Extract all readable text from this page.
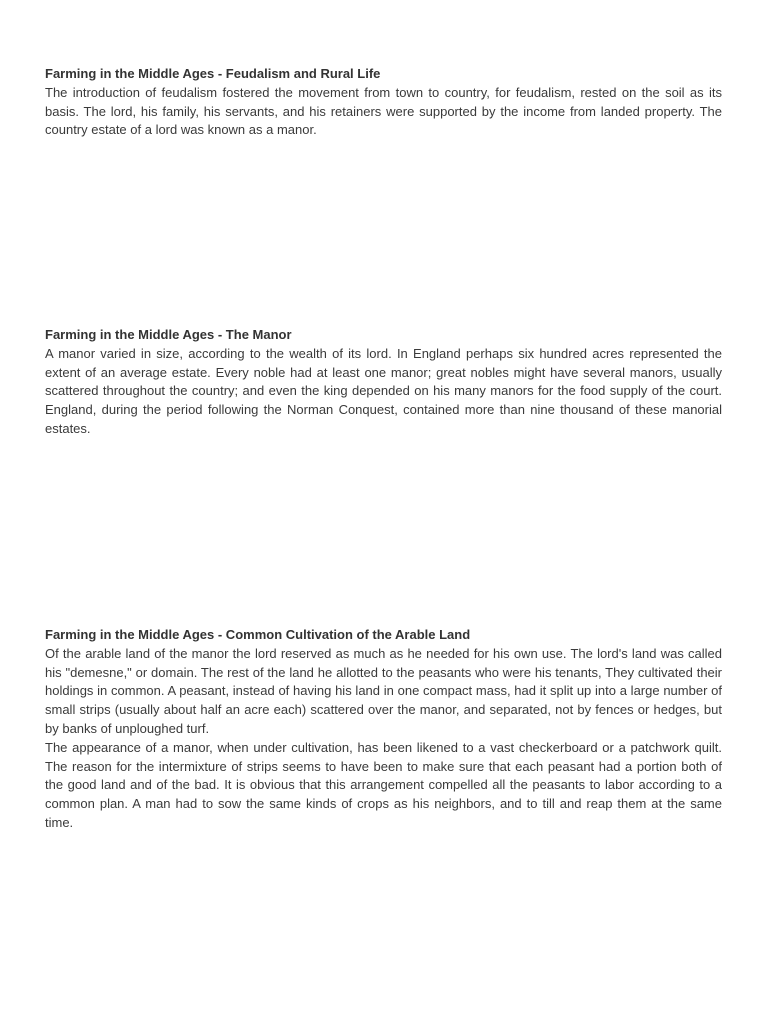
Farming in the Middle Ages - Feudalism and Rural Life

The introduction of feudalism fostered the movement from town to country, for feudalism, rested on the soil as its basis. The lord, his family, his servants, and his retainers were supported by the income from landed property. The country estate of a lord was known as a manor.

Farming in the Middle Ages - The Manor

A manor varied in size, according to the wealth of its lord. In England perhaps six hundred acres represented the extent of an average estate. Every noble had at least one manor; great nobles might have several manors, usually scattered throughout the country; and even the king depended on his many manors for the food supply of the court. England, during the period following the Norman Conquest, contained more than nine thousand of these manorial estates.

Farming in the Middle Ages - Common Cultivation of the Arable Land

Of the arable land of the manor the lord reserved as much as he needed for his own use. The lord's land was called his "demesne," or domain. The rest of the land he allotted to the peasants who were his tenants, They cultivated their holdings in common. A peasant, instead of having his land in one compact mass, had it split up into a large number of small strips (usually about half an acre each) scattered over the manor, and separated, not by fences or hedges, but by banks of unploughed turf.

The appearance of a manor, when under cultivation, has been likened to a vast checkerboard or a patchwork quilt. The reason for the intermixture of strips seems to have been to make sure that each peasant had a portion both of the good land and of the bad. It is obvious that this arrangement compelled all the peasants to labor according to a common plan. A man had to sow the same kinds of crops as his neighbors, and to till and reap them at the same time.
